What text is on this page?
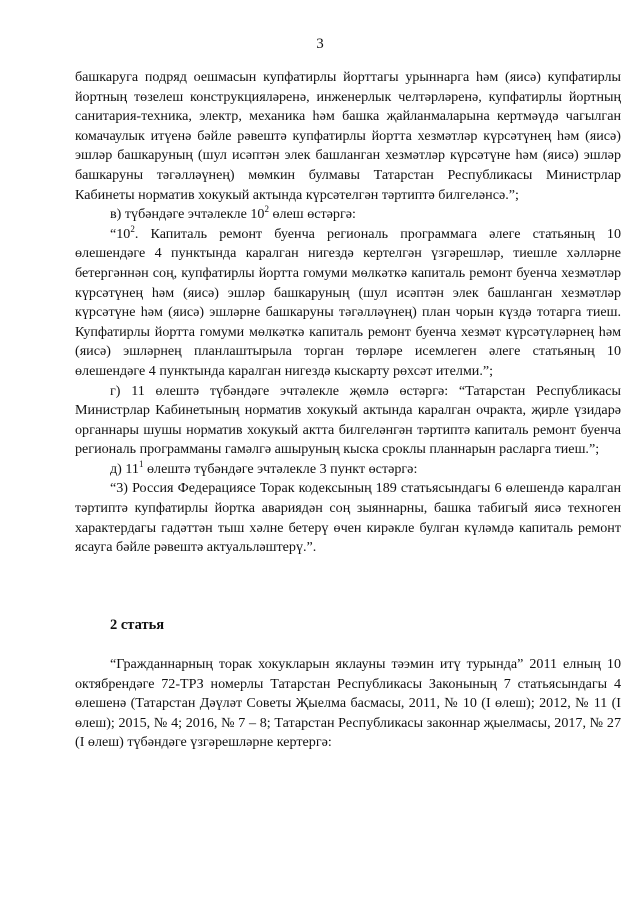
3

башкаруга подряд оешмасын купфатирлы йорттагы урыннарга һәм (яисә) купфатирлы йортның төзелеш конструкцияләренә, инженерлык челтәрләренә, купфатирлы йортның санитария-техника, электр, механика һәм башка җайланмаларына кертмәүдә чагылган комачаулык итүенә бәйле рәвештә купфатирлы йортта хезмәтләр күрсәтүнең һәм (яисә) эшләр башкаруның (шул исәптән элек башланган хезмәтләр күрсәтүне һәм (яисә) эшләр башкаруны тәгәлләүнең) мөмкин булмавы Татарстан Республикасы Министрлар Кабинеты норматив хокукый актында күрсәтелгән тәртиптә билгеләнсә.”;

в) түбәндәге эчтәлекле $10^2$ өлеш өстәргә:

“$10^2$. Капиталь ремонт буенча региональ программага әлеге статьяның 10 өлешендәге 4 пунктында каралган нигездә кертелгән үзгәрешләр, тиешле хәлләрне бетергәннән соң, купфатирлы йортта гомуми мөлкәткә капиталь ремонт буенча хезмәтләр күрсәтүнең һәм (яисә) эшләр башкаруның (шул исәптән элек башланган хезмәтләр күрсәтүне һәм (яисә) эшләрне башкаруны тәгәлләүнең) план чорын күздә тотарга тиеш. Купфатирлы йортта гомуми мөлкәткә капиталь ремонт буенча хезмәт күрсәтүләрнең һәм (яисә) эшләрнең планлаштырыла торган төрләре исемлеген әлеге статьяның 10 өлешендәге 4 пунктында каралган нигездә кыскарту рөхсәт ителми.”;

г) 11 өлештә түбәндәге эчтәлекле җөмлә өстәргә: “Татарстан Республикасы Министрлар Кабинетының норматив хокукый актында каралган очракта, җирле үзидарә органнары шушы норматив хокукый актта билгеләнгән тәртиптә капиталь ремонт буенча региональ программаны гамәлгә ашыруның кыска сроклы планнарын расларга тиеш.”;

д) $11^1$ өлештә түбәндәге эчтәлекле 3 пункт өстәргә:

“3) Россия Федерациясе Торак кодексының 189 статьясындагы 6 өлешендә каралган тәртиптә купфатирлы йортка авариядән соң зыяннарны, башка табигый яисә техноген характердагы гадәттән тыш хәлне бетерү өчен кирәкле булган күләмдә капиталь ремонт ясауга бәйле рәвештә актуальләштерү.”.

2 статья

“Гражданнарның торак хокукларын яклауны тәэмин итү турында” 2011 елның 10 октябрендәге 72-ТРЗ номерлы Татарстан Республикасы Законының 7 статьясындагы 4 өлешенә (Татарстан Дәүләт Советы Җыелма басмасы, 2011, № 10 (I өлеш); 2012, № 11 (I өлеш); 2015, № 4; 2016, № 7 – 8; Татарстан Республикасы законнар җыелмасы, 2017, № 27 (I өлеш) түбәндәге үзгәрешләрне кертергә:
